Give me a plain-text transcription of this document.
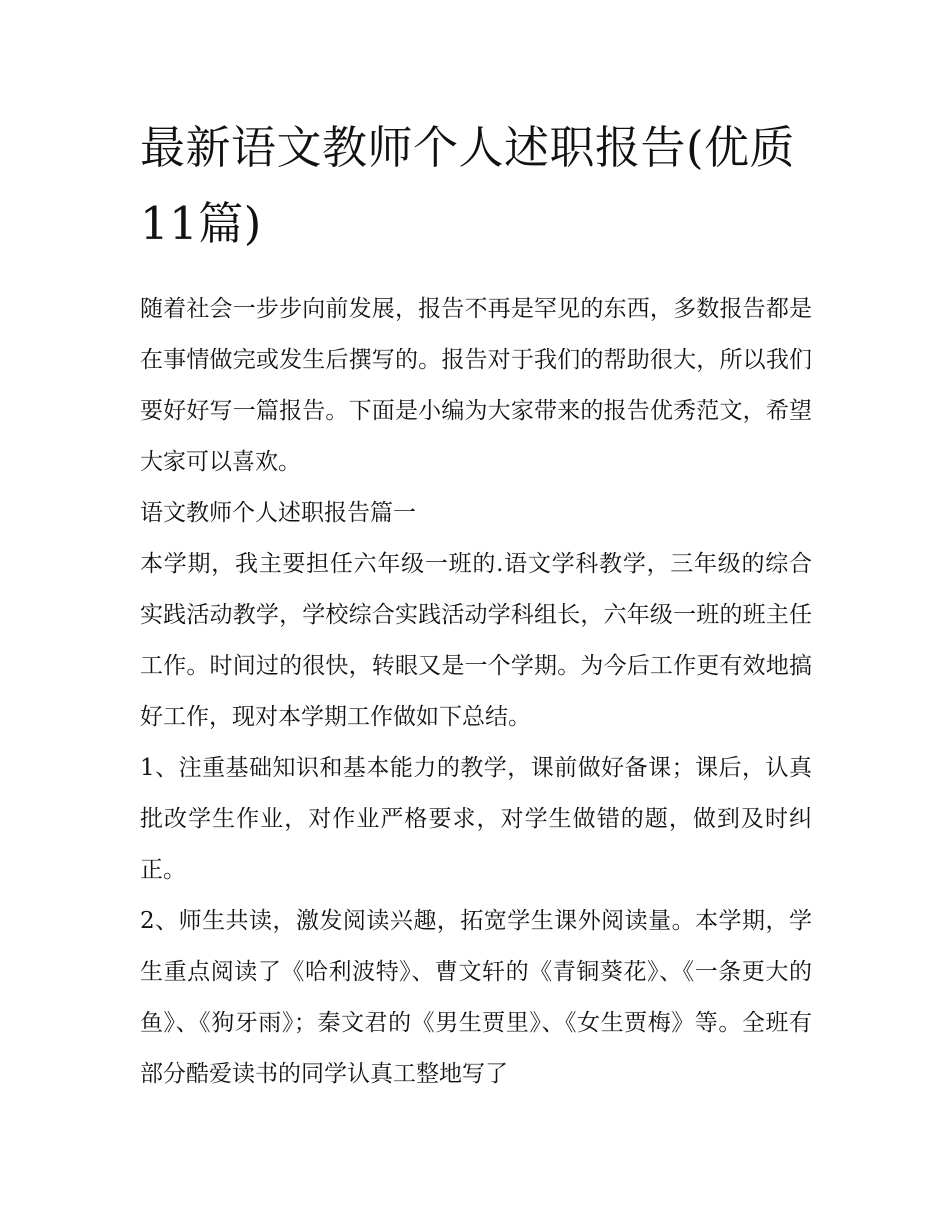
最新语文教师个人述职报告(优质11篇)

随着社会一步步向前发展，报告不再是罕见的东西，多数报告都是在事情做完或发生后撰写的。报告对于我们的帮助很大，所以我们要好好写一篇报告。下面是小编为大家带来的报告优秀范文，希望大家可以喜欢。

语文教师个人述职报告篇一

本学期，我主要担任六年级一班的.语文学科教学，三年级的综合实践活动教学，学校综合实践活动学科组长，六年级一班的班主任工作。时间过的很快，转眼又是一个学期。为今后工作更有效地搞好工作，现对本学期工作做如下总结。

1、注重基础知识和基本能力的教学，课前做好备课；课后，认真批改学生作业，对作业严格要求，对学生做错的题，做到及时纠正。

2、师生共读，激发阅读兴趣，拓宽学生课外阅读量。本学期，学生重点阅读了《哈利波特》、曹文轩的《青铜葵花》、《一条更大的鱼》、《狗牙雨》；秦文君的《男生贾里》、《女生贾梅》等。全班有部分酷爱读书的同学认真工整地写了
